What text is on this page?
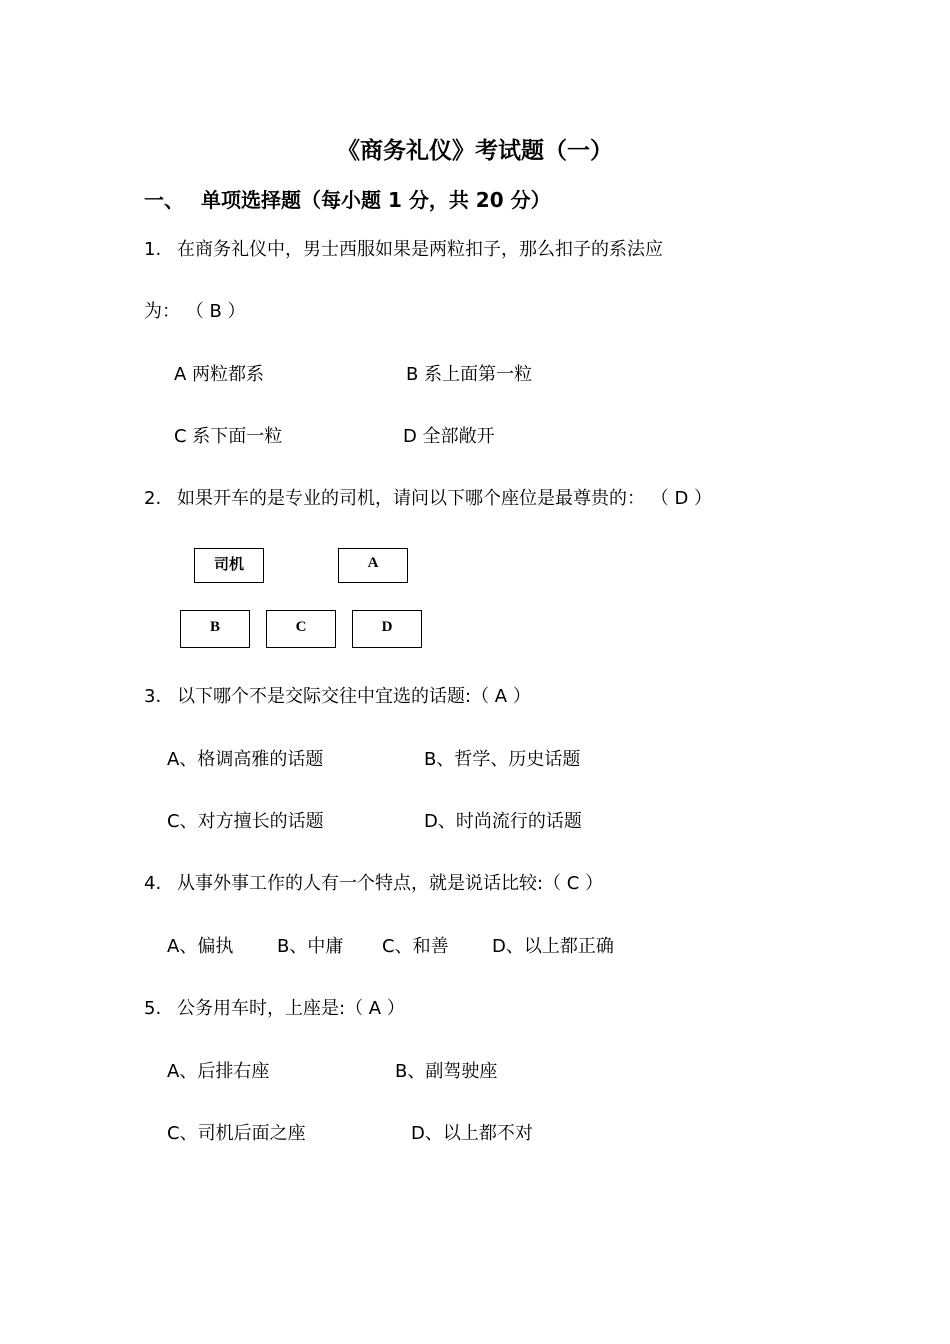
《商务礼仪》考试题（一）
一、 单项选择题（每小题 1 分，共 20 分）
1. 在商务礼仪中，男士西服如果是两粒扣子，那么扣子的系法应
为： （ B ）
A 两粒都系	B 系上面第一粒
C 系下面一粒	D 全部敞开
2. 如果开车的是专业的司机，请问以下哪个座位是最尊贵的： （ D ）
司机	A
B	C	D
3. 以下哪个不是交际交往中宜选的话题:（ A ）
A、格调高雅的话题	B、哲学、历史话题
C、对方擅长的话题	D、时尚流行的话题
4. 从事外事工作的人有一个特点，就是说话比较:（ C ）
A、偏执 B、中庸 C、和善 D、以上都正确
5. 公务用车时，上座是:（ A ）
A、后排右座	B、副驾驶座
C、司机后面之座	D、以上都不对
